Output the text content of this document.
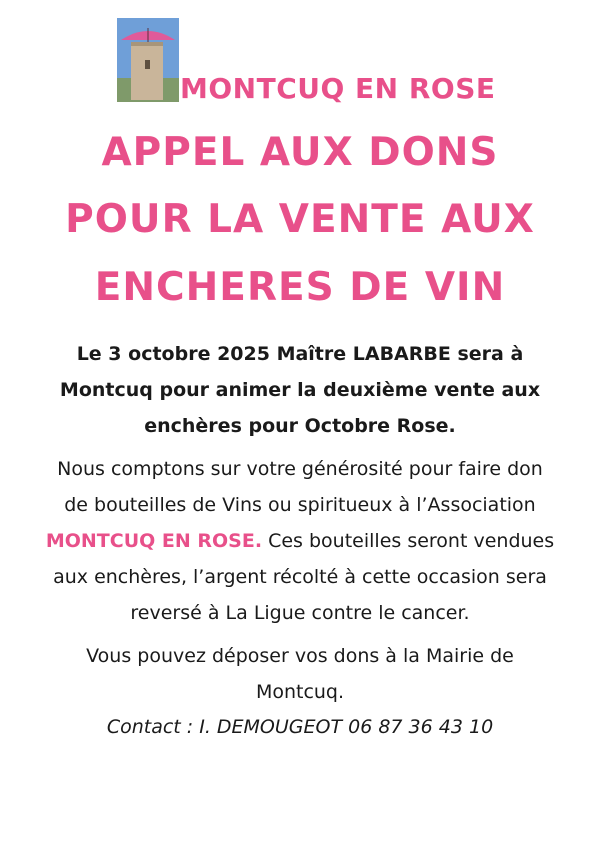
MONTCUQ EN ROSE
APPEL AUX DONS
POUR LA VENTE AUX
ENCHERES DE VIN
Le 3 octobre 2025 Maître LABARBE sera à
Montcuq pour animer la deuxième vente aux
enchères pour Octobre Rose.
Nous comptons sur votre générosité pour faire don
de bouteilles de Vins ou spiritueux à l’Association
MONTCUQ EN ROSE. Ces bouteilles seront vendues
aux enchères, l’argent récolté à cette occasion sera
reversé à La Ligue contre le cancer.
Vous pouvez déposer vos dons à la Mairie de
Montcuq.
Contact : I. DEMOUGEOT 06 87 36 43 10
